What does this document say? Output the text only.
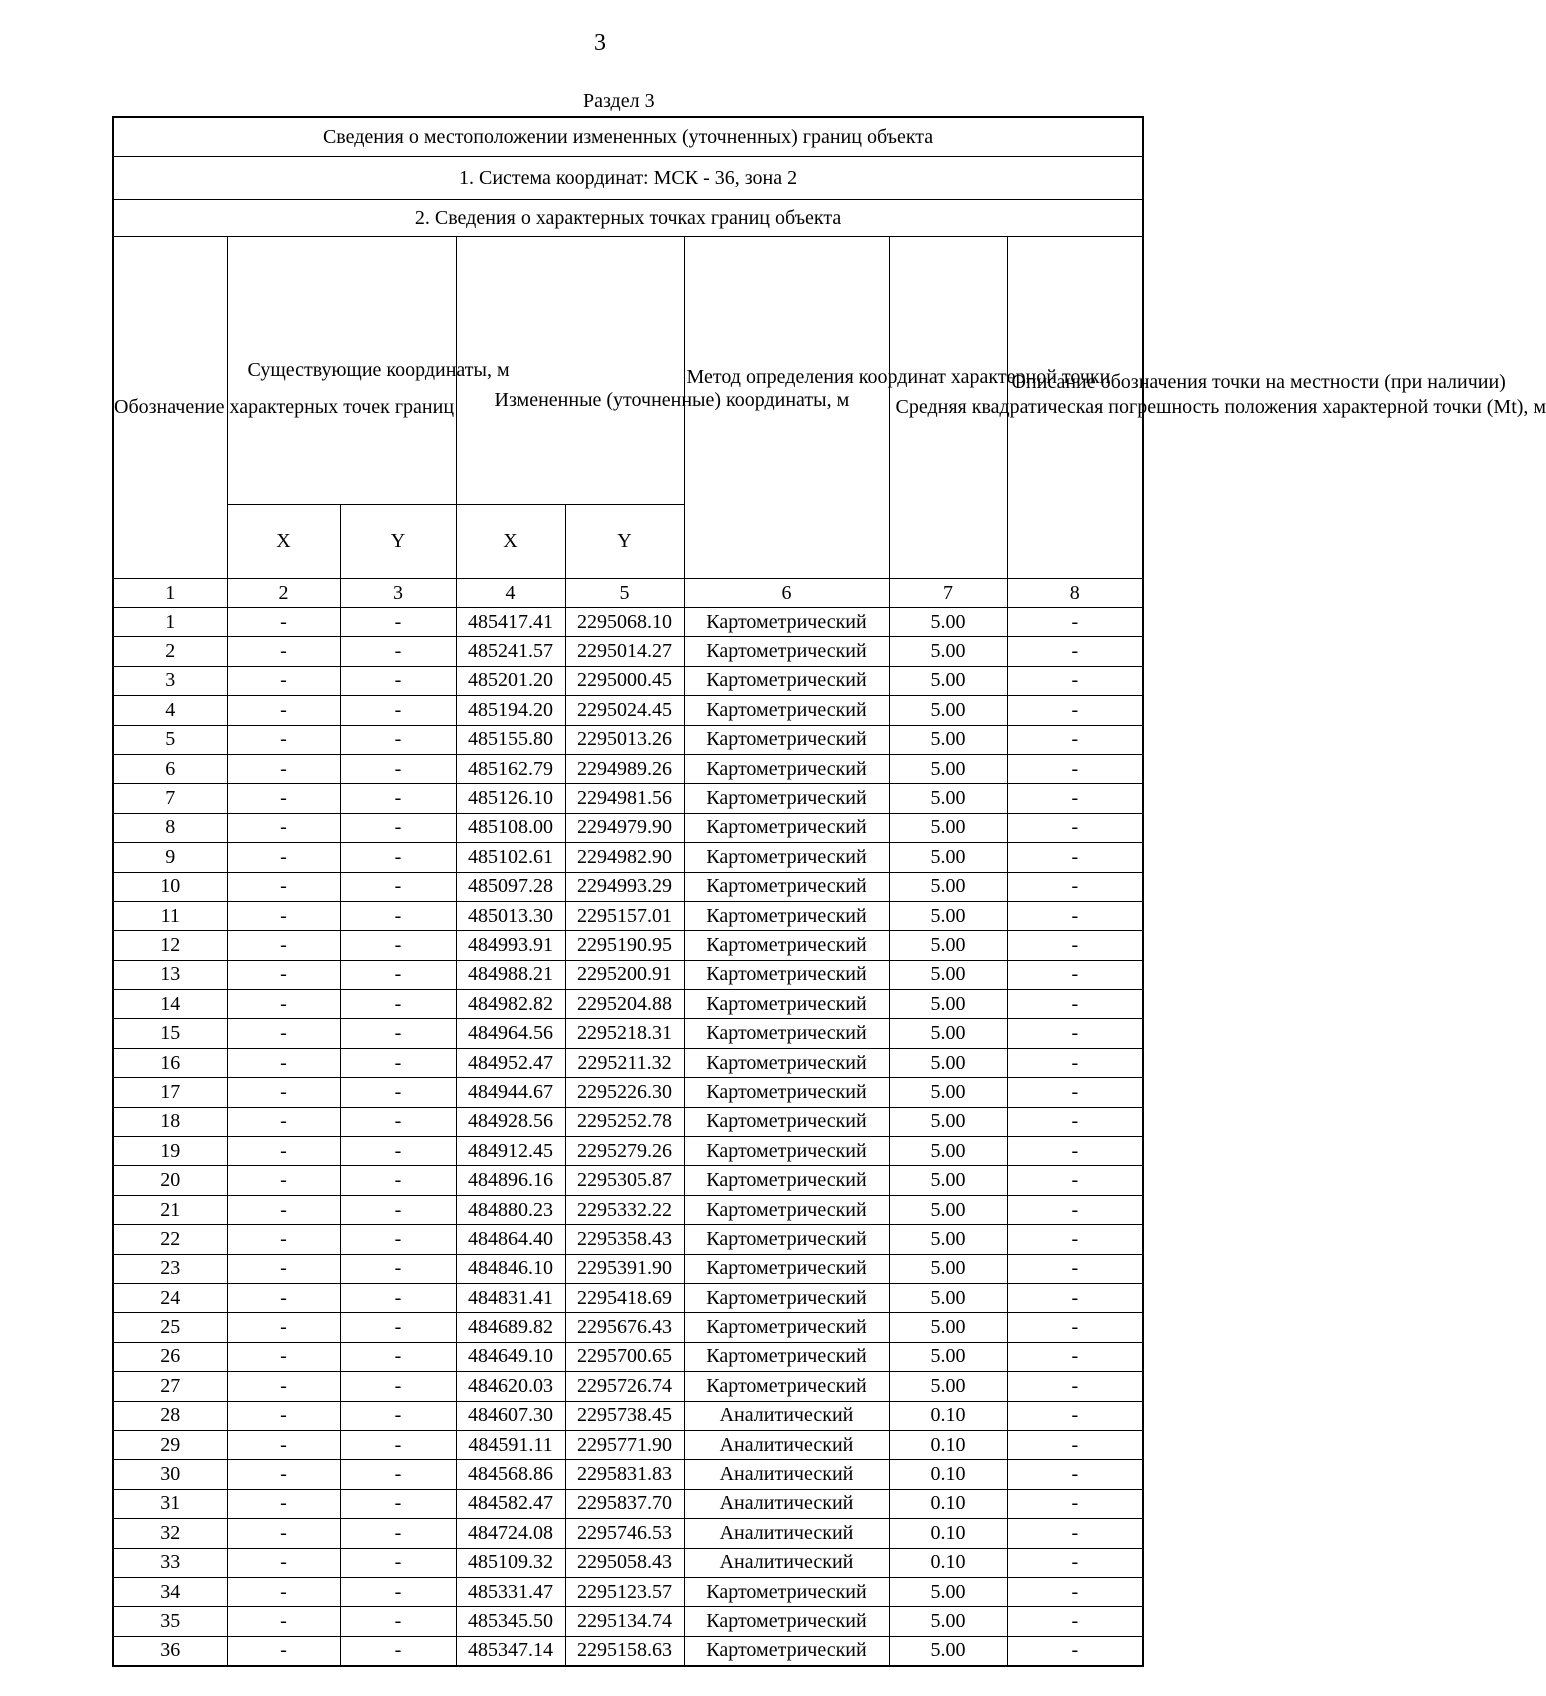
3
Раздел 3
Сведения о местоположении измененных (уточненных) границ объекта							
1. Система координат: МСК - 36, зона 2							
2. Сведения о характерных точках границ объекта							

Обозначение характерных точек границ	Существующие координаты, м		Измененные (уточненные) координаты, м		Метод определения координат характерной точки	Средняя квадратическая погрешность положения характерной точки (Mt), м	Описание обозначения точки на местности (при наличии)

	X	Y	X	Y			
1	2	3	4	5	6	7	8
1	-	-	485417.41	2295068.10	Картометрический	5.00	-
2	-	-	485241.57	2295014.27	Картометрический	5.00	-
3	-	-	485201.20	2295000.45	Картометрический	5.00	-
4	-	-	485194.20	2295024.45	Картометрический	5.00	-
5	-	-	485155.80	2295013.26	Картометрический	5.00	-
6	-	-	485162.79	2294989.26	Картометрический	5.00	-
7	-	-	485126.10	2294981.56	Картометрический	5.00	-
8	-	-	485108.00	2294979.90	Картометрический	5.00	-
9	-	-	485102.61	2294982.90	Картометрический	5.00	-
10	-	-	485097.28	2294993.29	Картометрический	5.00	-
11	-	-	485013.30	2295157.01	Картометрический	5.00	-
12	-	-	484993.91	2295190.95	Картометрический	5.00	-
13	-	-	484988.21	2295200.91	Картометрический	5.00	-
14	-	-	484982.82	2295204.88	Картометрический	5.00	-
15	-	-	484964.56	2295218.31	Картометрический	5.00	-
16	-	-	484952.47	2295211.32	Картометрический	5.00	-
17	-	-	484944.67	2295226.30	Картометрический	5.00	-
18	-	-	484928.56	2295252.78	Картометрический	5.00	-
19	-	-	484912.45	2295279.26	Картометрический	5.00	-
20	-	-	484896.16	2295305.87	Картометрический	5.00	-
21	-	-	484880.23	2295332.22	Картометрический	5.00	-
22	-	-	484864.40	2295358.43	Картометрический	5.00	-
23	-	-	484846.10	2295391.90	Картометрический	5.00	-
24	-	-	484831.41	2295418.69	Картометрический	5.00	-
25	-	-	484689.82	2295676.43	Картометрический	5.00	-
26	-	-	484649.10	2295700.65	Картометрический	5.00	-
27	-	-	484620.03	2295726.74	Картометрический	5.00	-
28	-	-	484607.30	2295738.45	Аналитический	0.10	-
29	-	-	484591.11	2295771.90	Аналитический	0.10	-
30	-	-	484568.86	2295831.83	Аналитический	0.10	-
31	-	-	484582.47	2295837.70	Аналитический	0.10	-
32	-	-	484724.08	2295746.53	Аналитический	0.10	-
33	-	-	485109.32	2295058.43	Аналитический	0.10	-
34	-	-	485331.47	2295123.57	Картометрический	5.00	-
35	-	-	485345.50	2295134.74	Картометрический	5.00	-
36	-	-	485347.14	2295158.63	Картометрический	5.00	-
